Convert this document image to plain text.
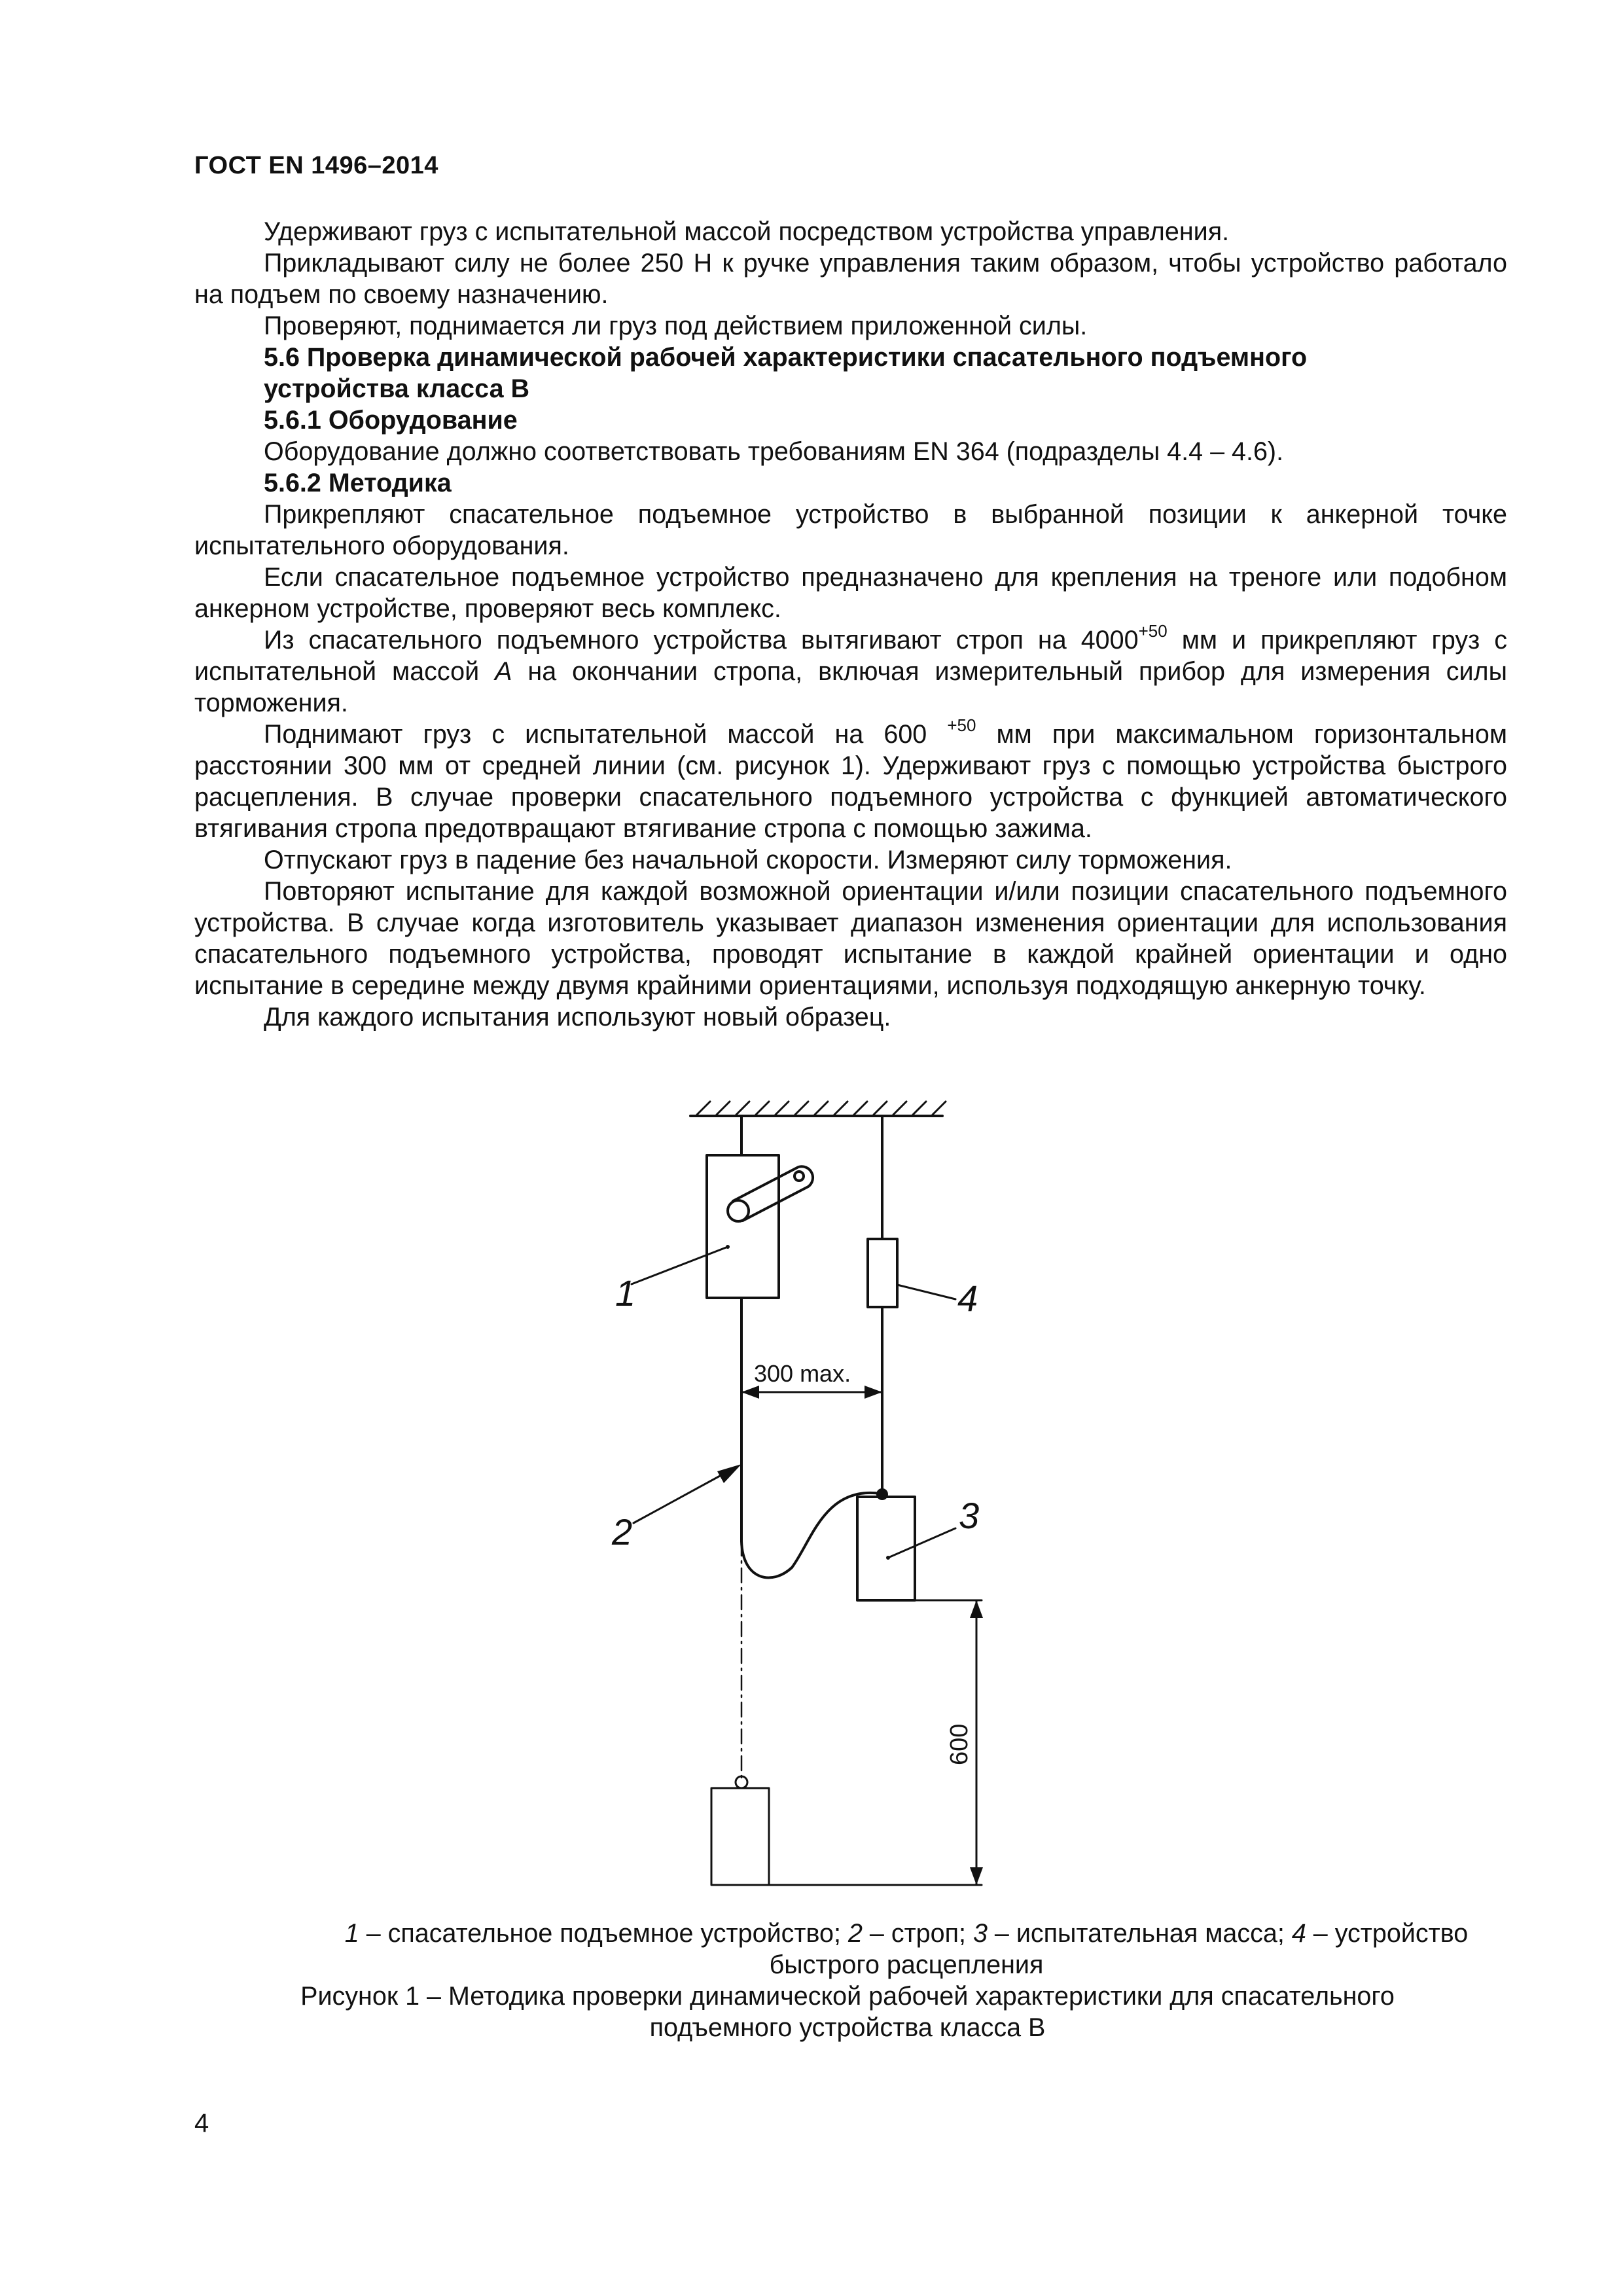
ГОСТ EN 1496–2014

Удерживают груз с испытательной массой посредством устройства управления.

Прикладывают силу не более 250 Н к ручке управления таким образом, чтобы устройство работало на подъем по своему назначению.

Проверяют, поднимается ли груз под действием приложенной силы.

5.6 Проверка динамической рабочей характеристики спасательного подъемного устройства класса В

5.6.1 Оборудование

Оборудование должно соответствовать требованиям EN 364 (подразделы 4.4 – 4.6).

5.6.2 Методика

Прикрепляют спасательное подъемное устройство в выбранной позиции к анкерной точке испытательного оборудования.

Если спасательное подъемное устройство предназначено для крепления на треноге или подобном анкерном устройстве, проверяют весь комплекс.

Из спасательного подъемного устройства вытягивают строп на $4000^{+50}$ мм и прикрепляют груз с испытательной массой A на окончании стропа, включая измерительный прибор для измерения силы торможения.

Поднимают груз с испытательной массой на 600 $^{+50}$ мм при максимальном горизонтальном расстоянии 300 мм от средней линии (см. рисунок 1). Удерживают груз с помощью устройства быстрого расцепления. В случае проверки спасательного подъемного устройства с функцией автоматического втягивания стропа предотвращают втягивание стропа с помощью зажима.

Отпускают груз в падение без начальной скорости. Измеряют силу торможения.

Повторяют испытание для каждой возможной ориентации и/или позиции спасательного подъемного устройства. В случае когда изготовитель указывает диапазон изменения ориентации для использования спасательного подъемного устройства, проводят испытание в каждой крайней ориентации и одно испытание в середине между двумя крайними ориентациями, используя подходящую анкерную точку.

Для каждого испытания используют новый образец.

1	4
2	3
300 max.
600
1 – спасательное подъемное устройство; 2 – строп; 3 – испытательная масса; 4 – устройство быстрого расцепления
Рисунок 1 – Методика проверки динамической рабочей характеристики для спасательного подъемного устройства класса В
4
